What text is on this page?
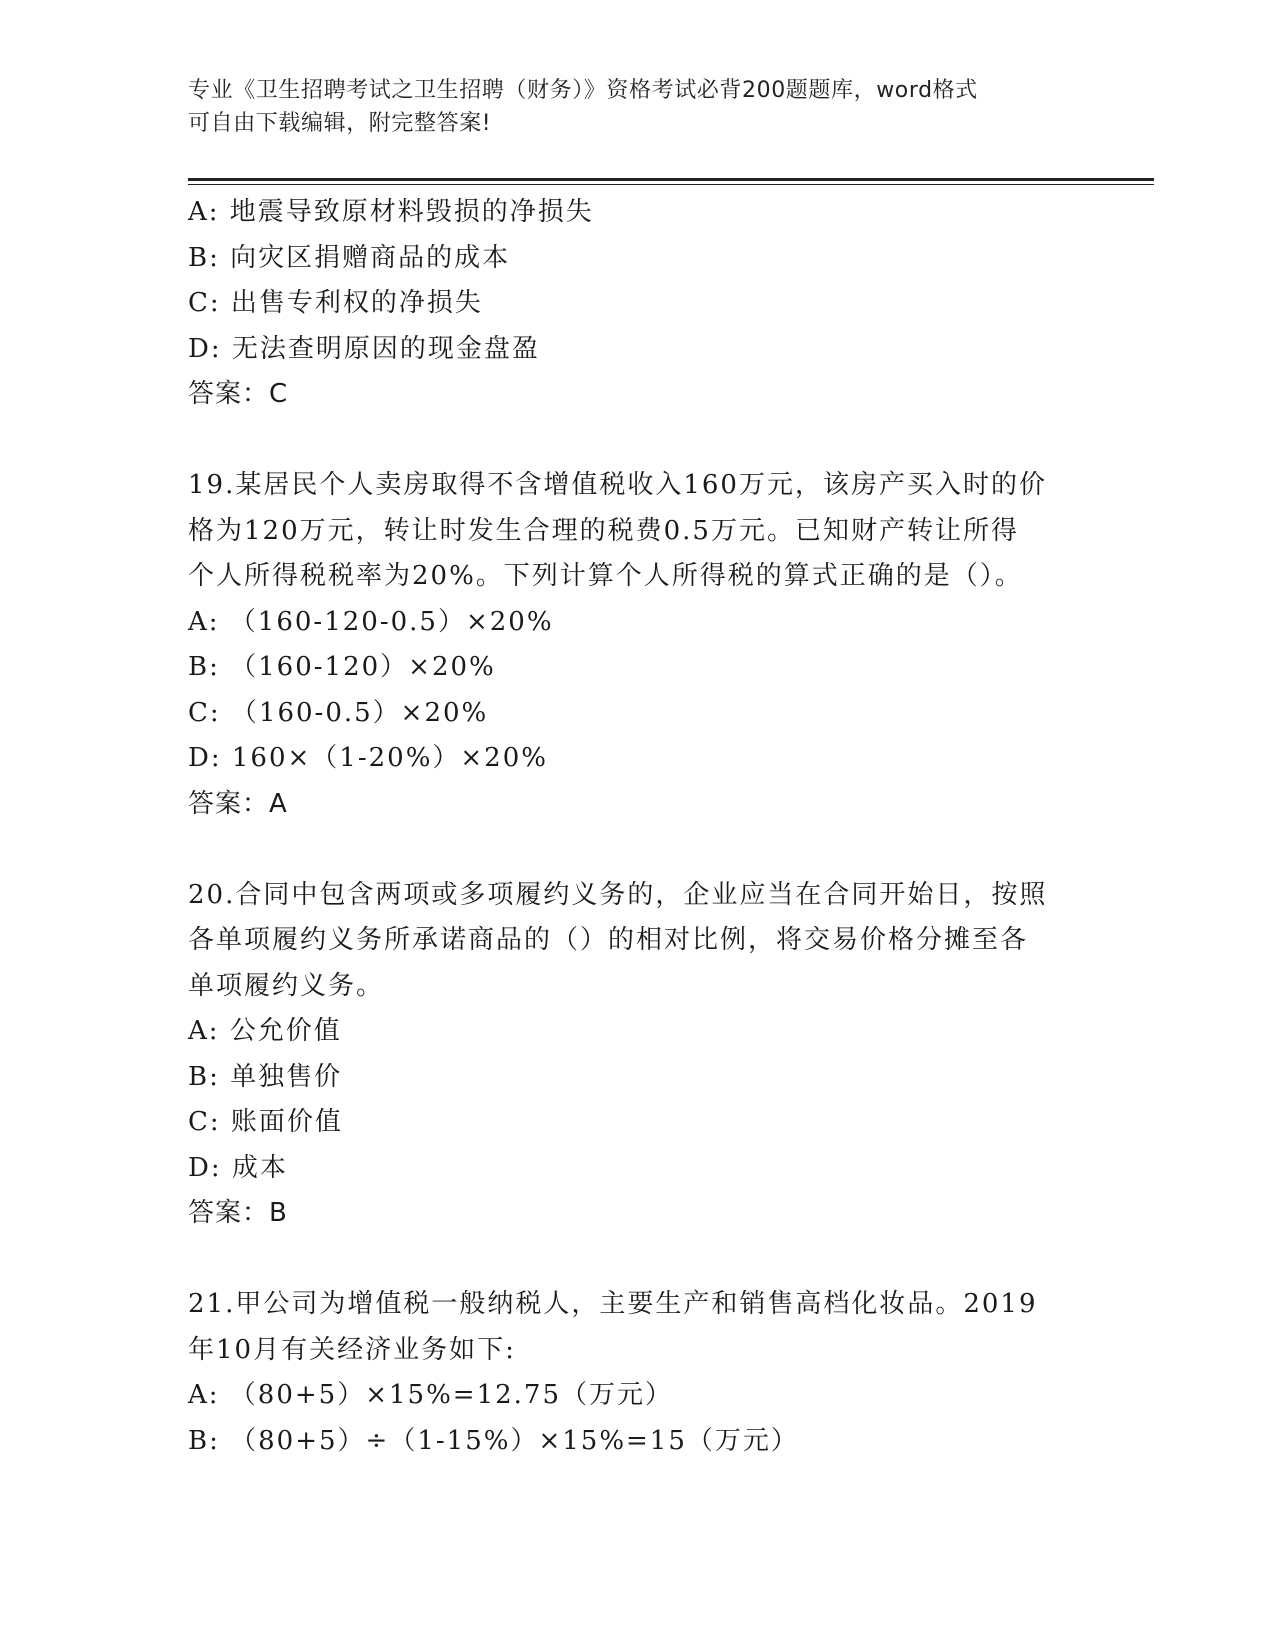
专业《卫生招聘考试之卫生招聘（财务）》资格考试必背200题题库，word格式
可自由下载编辑，附完整答案!
A: 地震导致原材料毁损的净损失
B: 向灾区捐赠商品的成本
C: 出售专利权的净损失
D: 无法查明原因的现金盘盈
答案：C
19.某居民个人卖房取得不含增值税收入160万元，该房产买入时的价
格为120万元，转让时发生合理的税费0.5万元。已知财产转让所得
个人所得税税率为20%。下列计算个人所得税的算式正确的是（）。
A: （160-120-0.5）×20%
B: （160-120）×20%
C: （160-0.5）×20%
D: 160×（1-20%）×20%
答案：A
20.合同中包含两项或多项履约义务的，企业应当在合同开始日，按照
各单项履约义务所承诺商品的（）的相对比例，将交易价格分摊至各
单项履约义务。
A: 公允价值
B: 单独售价
C: 账面价值
D: 成本
答案：B
21.甲公司为增值税一般纳税人，主要生产和销售高档化妆品。2019
年10月有关经济业务如下:
A: （80+5）×15%=12.75（万元）
B: （80+5）÷（1-15%）×15%=15（万元）
